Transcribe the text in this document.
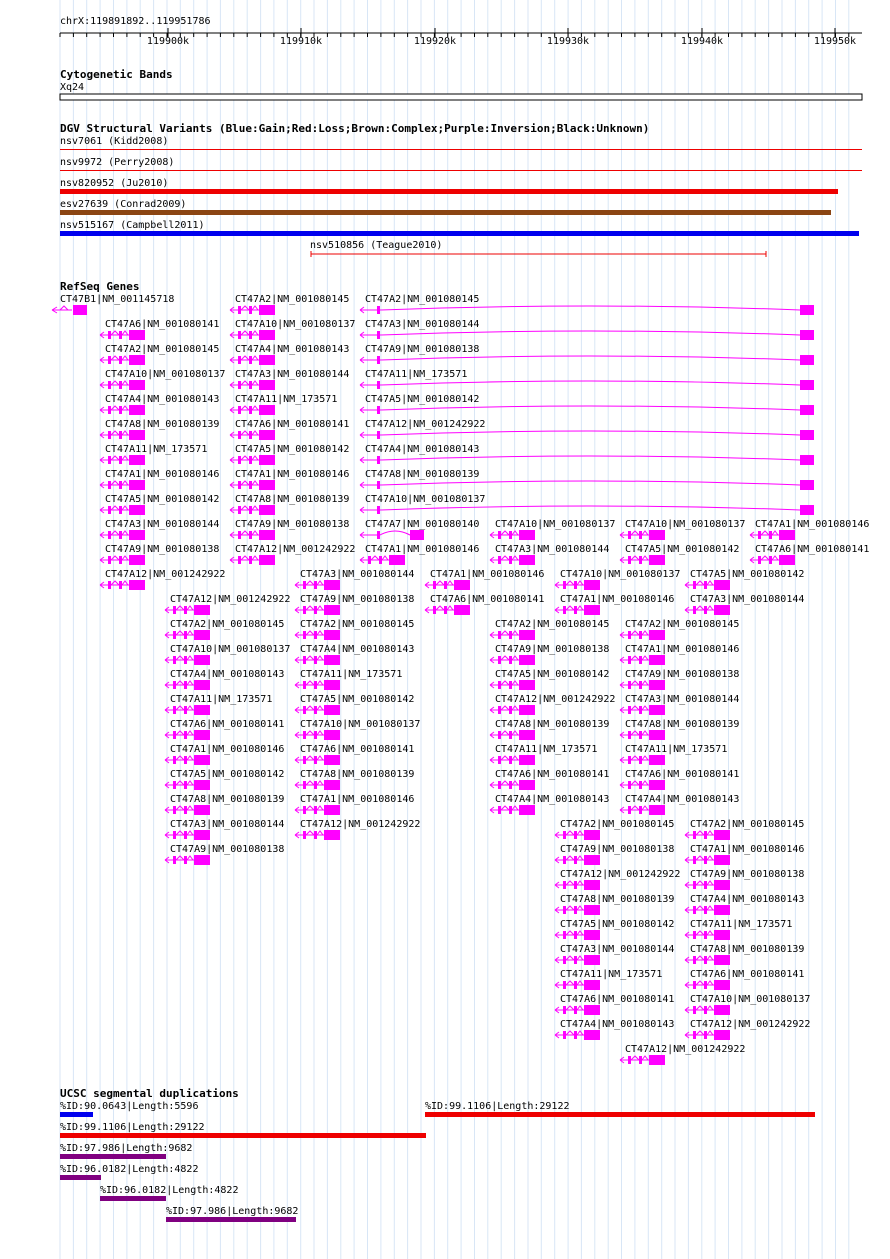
chrX:119891892..119951786
119900k	119910k	119920k	119930k	119940k	119950k
Cytogenetic Bands
Xq24
DGV Structural Variants (Blue:Gain;Red:Loss;Brown:Complex;Purple:Inversion;Black:Unknown)
nsv7061 (Kidd2008)
nsv9972 (Perry2008)
nsv820952 (Ju2010)
esv27639 (Conrad2009)
nsv515167 (Campbell2011)
nsv510856 (Teague2010)
RefSeq Genes
CT47B1|NM_001145718	CT47A2|NM_001080145 CT47A2|NM_001080145
CT47A6|NM_001080141 CT47A10|NM_001080137 CT47A3|NM_001080144
CT47A2|NM_001080145 CT47A4|NM_001080143 CT47A9|NM_001080138
CT47A10|NM_001080137 CT47A3|NM_001080144 CT47A11|NM_173571
CT47A4|NM_001080143 CT47A11|NM_173571	CT47A5|NM_001080142
CT47A8|NM_001080139 CT47A6|NM_001080141 CT47A12|NM_001242922
CT47A11|NM_173571	CT47A5|NM_001080142 CT47A4|NM_001080143
CT47A1|NM_001080146 CT47A1|NM_001080146 CT47A8|NM_001080139
CT47A5|NM_001080142 CT47A8|NM_001080139 CT47A10|NM_001080137
CT47A3|NM_001080144 CT47A9|NM_001080138 CT47A7|NM_001080140 CT47A10|NM_001080137 CT47A10|NM_001080137 CT47A1|NM_001080146
CT47A9|NM_001080138 CT47A12|NM_001242922 CT47A1|NM_001080146 CT47A3|NM_001080144 CT47A5|NM_001080142 CT47A6|NM_001080141
CT47A12|NM_001242922	CT47A3|NM_001080144 CT47A1|NM_001080146 CT47A10|NM_001080137 CT47A5|NM_001080142
CT47A12|NM_001242922 CT47A9|NM_001080138 CT47A6|NM_001080141 CT47A1|NM_001080146 CT47A3|NM_001080144
CT47A2|NM_001080145 CT47A2|NM_001080145	CT47A2|NM_001080145 CT47A2|NM_001080145
CT47A10|NM_001080137 CT47A4|NM_001080143	CT47A9|NM_001080138 CT47A1|NM_001080146
CT47A4|NM_001080143 CT47A11|NM_173571	CT47A5|NM_001080142 CT47A9|NM_001080138
CT47A11|NM_173571	CT47A5|NM_001080142	CT47A12|NM_001242922 CT47A3|NM_001080144
CT47A6|NM_001080141 CT47A10|NM_001080137	CT47A8|NM_001080139 CT47A8|NM_001080139
CT47A1|NM_001080146 CT47A6|NM_001080141	CT47A11|NM_173571	CT47A11|NM_173571
CT47A5|NM_001080142 CT47A8|NM_001080139	CT47A6|NM_001080141 CT47A6|NM_001080141
CT47A8|NM_001080139 CT47A1|NM_001080146	CT47A4|NM_001080143 CT47A4|NM_001080143
CT47A3|NM_001080144 CT47A12|NM_001242922	CT47A2|NM_001080145 CT47A2|NM_001080145
CT47A9|NM_001080138	CT47A9|NM_001080138 CT47A1|NM_001080146
CT47A12|NM_001242922 CT47A9|NM_001080138
CT47A8|NM_001080139 CT47A4|NM_001080143
CT47A5|NM_001080142 CT47A11|NM_173571
CT47A3|NM_001080144 CT47A8|NM_001080139
CT47A11|NM_173571	CT47A6|NM_001080141
CT47A6|NM_001080141 CT47A10|NM_001080137
CT47A4|NM_001080143 CT47A12|NM_001242922
CT47A12|NM_001242922
UCSC segmental duplications
%ID:90.0643|Length:5596	%ID:99.1106|Length:29122
%ID:99.1106|Length:29122
%ID:97.986|Length:9682
%ID:96.0182|Length:4822
%ID:96.0182|Length:4822
%ID:97.986|Length:9682
